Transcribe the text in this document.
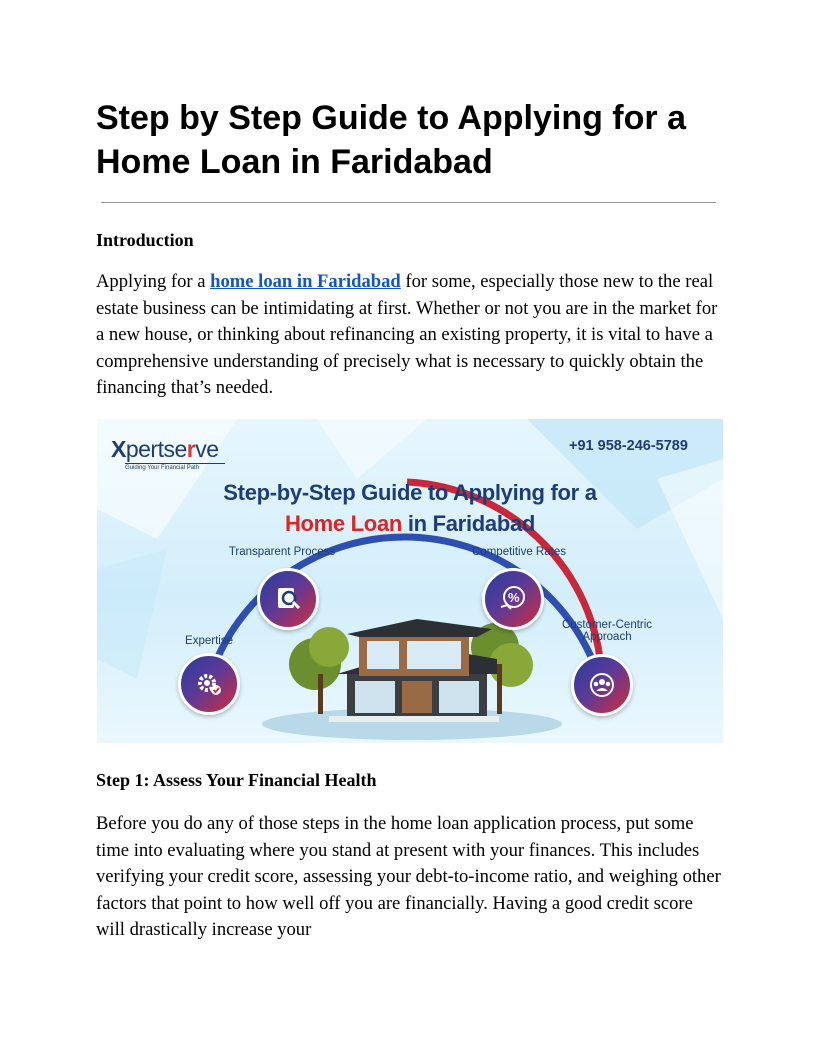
Step by Step Guide to Applying for a Home Loan in Faridabad
Introduction

Applying for a home loan in Faridabad for some, especially those new to the real estate business can be intimidating at first. Whether or not you are in the market for a new house, or thinking about refinancing an existing property, it is vital to have a comprehensive understanding of precisely what is necessary to quickly obtain the financing that’s needed.

Xpertserve
Guiding Your Financial Path
+91 958-246-5789
Step-by-Step Guide to Applying for a
Home Loan in Faridabad
Transparent Process	Competitive Rates
Customer-Centric
Approach
Expertise
%
Step 1: Assess Your Financial Health

Before you do any of those steps in the home loan application process, put some time into evaluating where you stand at present with your finances. This includes verifying your credit score, assessing your debt-to-income ratio, and weighing other factors that point to how well off you are financially. Having a good credit score will drastically increase your
